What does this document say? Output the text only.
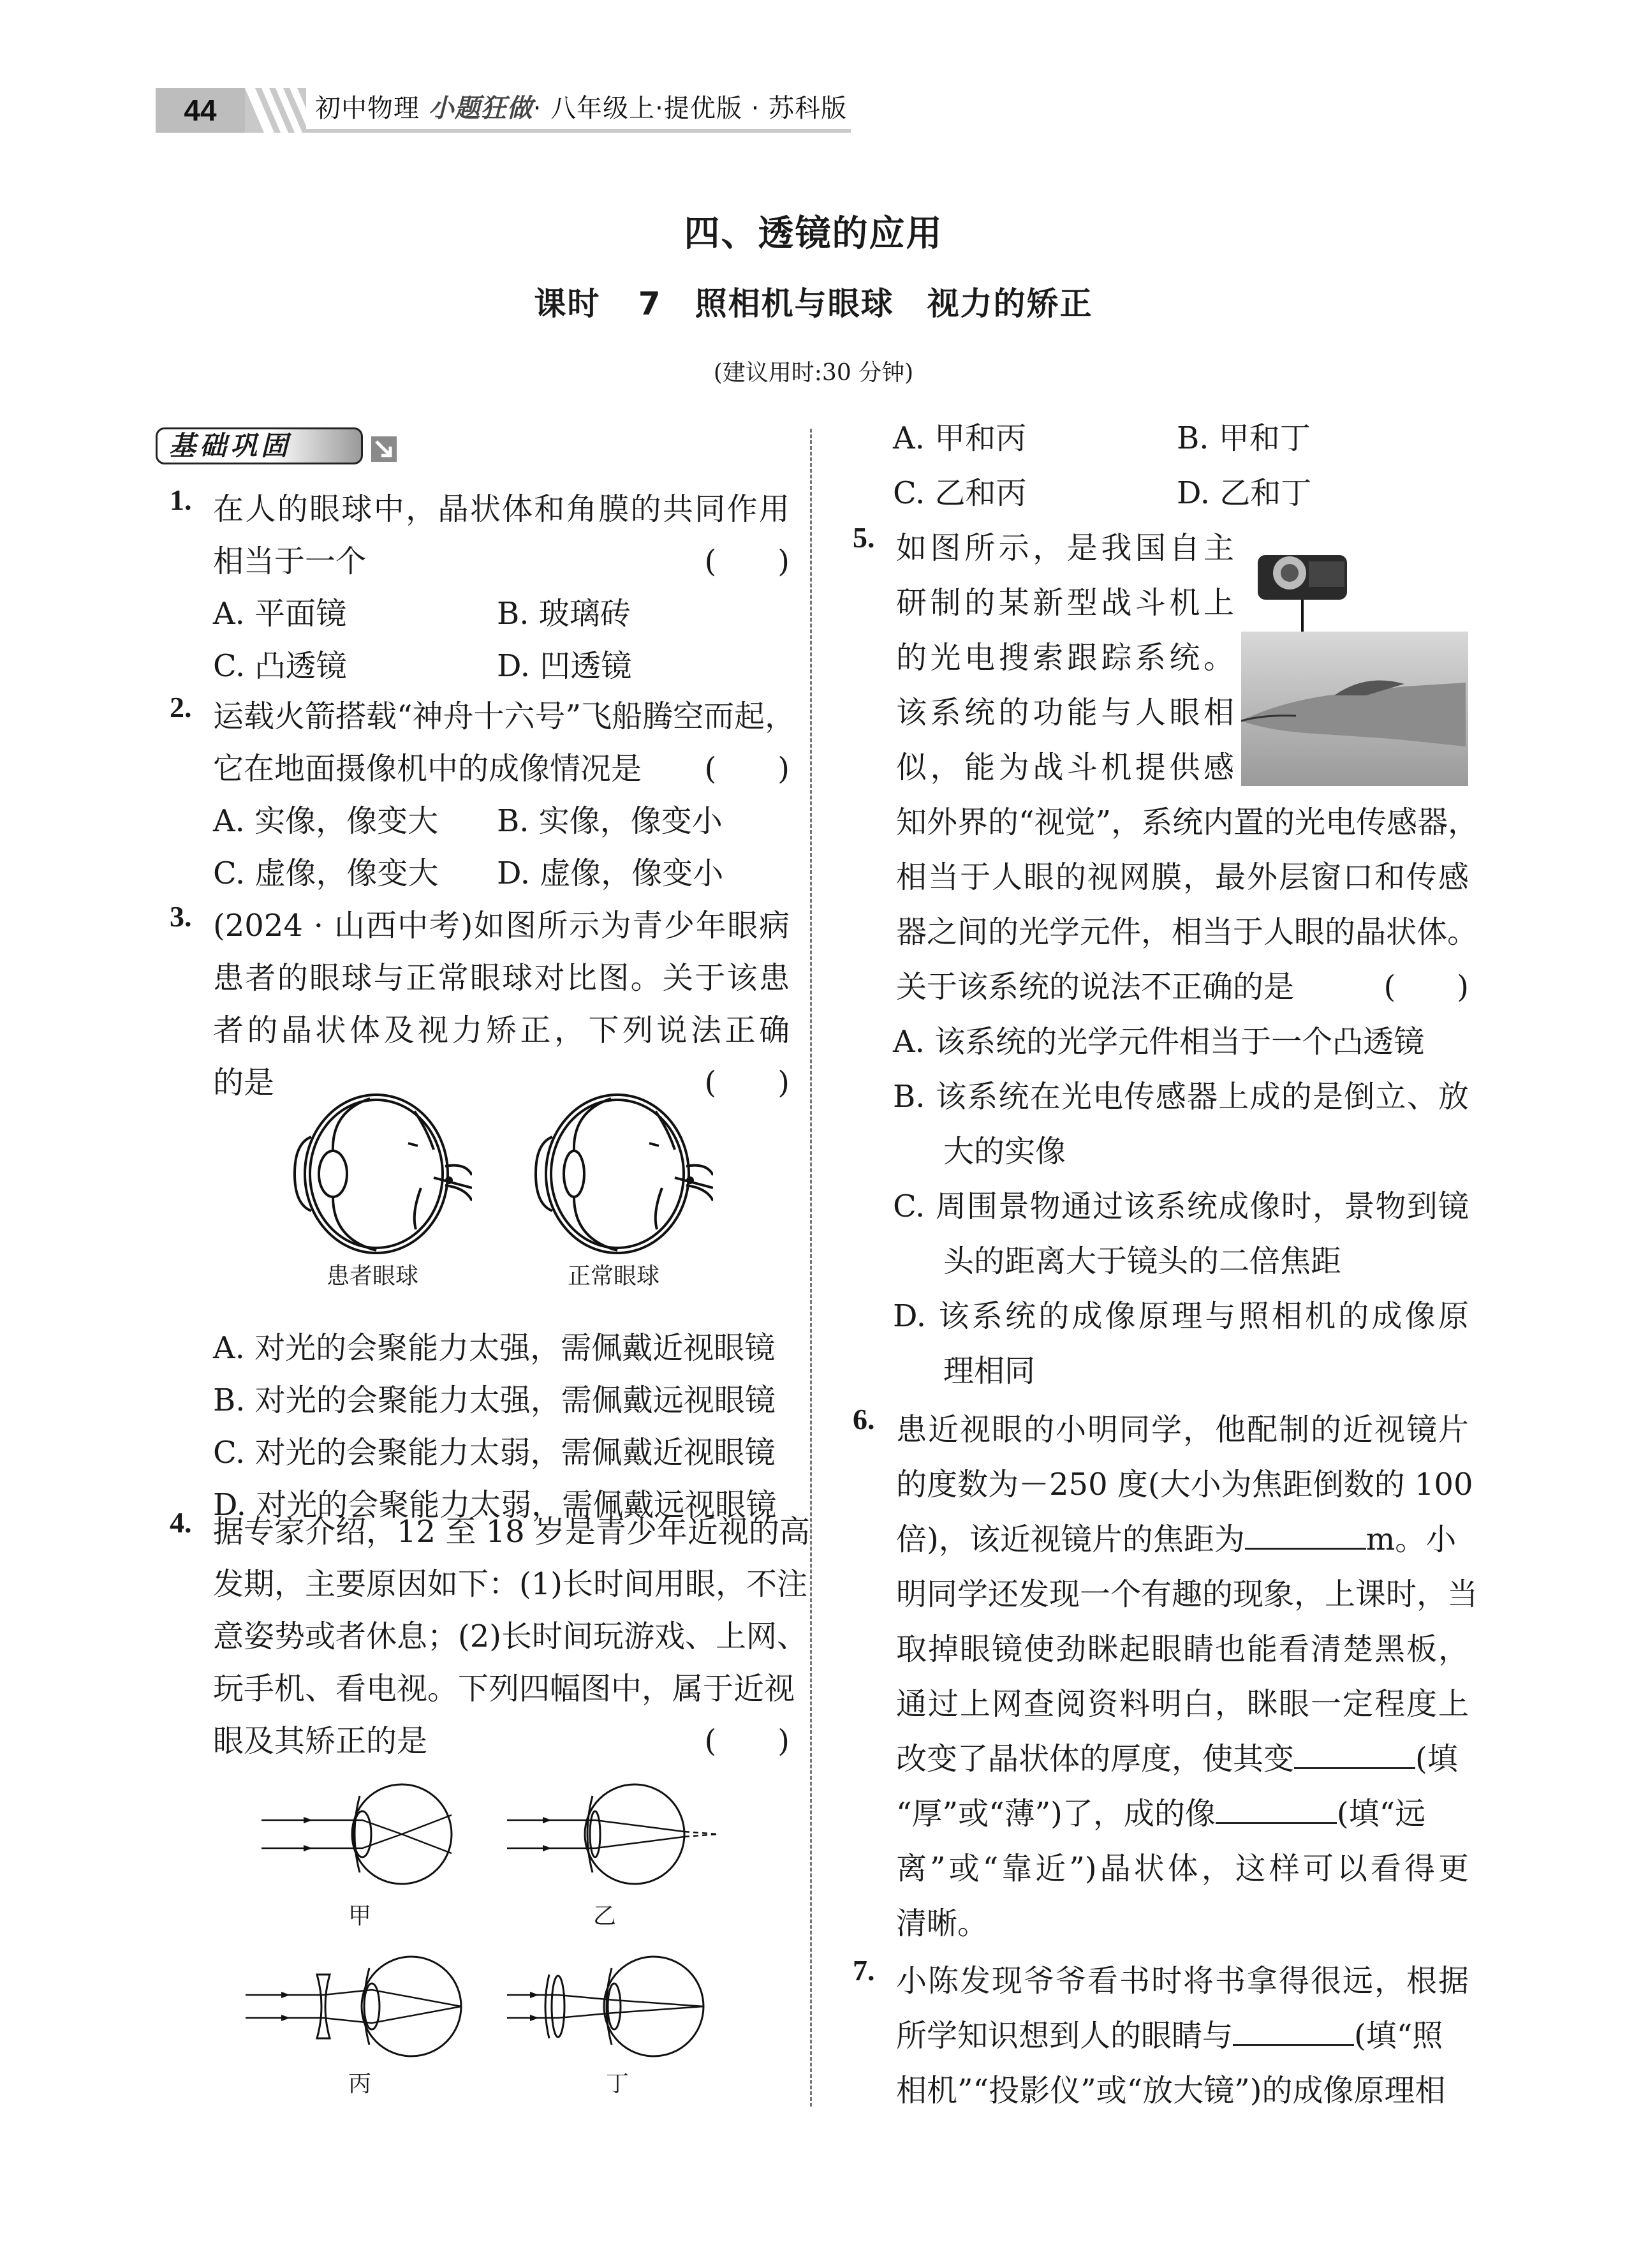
44	初中物理 小题狂做· 八年级上·提优版 · 苏科版
四、透镜的应用
课时 7　照相机与眼球　视力的矫正
(建议用时:30 分钟)
基础巩固
1. 在人的眼球中，晶状体和角膜的共同作用
相当于一个	(　　)
A. 平面镜	B. 玻璃砖
C. 凸透镜	D. 凹透镜
2. 运载火箭搭载“神舟十六号”飞船腾空而起，
它在地面摄像机中的成像情况是 (　　)
A. 实像，像变大 B. 实像，像变小
C. 虚像，像变大 D. 虚像，像变小
3. (2024 · 山西中考)如图所示为青少年眼病
患者的眼球与正常眼球对比图。关于该患
者的晶状体及视力矫正，下列说法正确
的是	(　　)
A. 对光的会聚能力太强，需佩戴近视眼镜
B. 对光的会聚能力太强，需佩戴远视眼镜
C. 对光的会聚能力太弱，需佩戴近视眼镜
D. 对光的会聚能力太弱，需佩戴远视眼镜
4. 据专家介绍，12 至 18 岁是青少年近视的高
发期，主要原因如下：(1)长时间用眼，不注
意姿势或者休息；(2)长时间玩游戏、上网、
玩手机、看电视。下列四幅图中，属于近视
眼及其矫正的是	(　　)
A. 甲和丙	B. 甲和丁
C. 乙和丙	D. 乙和丁
5. 如图所示，是我国自主
研制的某新型战斗机上
的光电搜索跟踪系统。
该系统的功能与人眼相
似，能为战斗机提供感
知外界的“视觉”，系统内置的光电传感器，
相当于人眼的视网膜，最外层窗口和传感
器之间的光学元件，相当于人眼的晶状体。
关于该系统的说法不正确的是	(　　)
A. 该系统的光学元件相当于一个凸透镜
B. 该系统在光电传感器上成的是倒立、放
大的实像
C. 周围景物通过该系统成像时，景物到镜
头的距离大于镜头的二倍焦距
D. 该系统的成像原理与照相机的成像原
理相同
6. 患近视眼的小明同学，他配制的近视镜片
的度数为－250 度(大小为焦距倒数的 100
倍)，该近视镜片的焦距为	m。小
明同学还发现一个有趣的现象，上课时，当
取掉眼镜使劲眯起眼睛也能看清楚黑板，
通过上网查阅资料明白，眯眼一定程度上
改变了晶状体的厚度，使其变	(填
“厚”或“薄”)了，成的像	(填“远
离”或“靠近”)晶状体，这样可以看得更
清晰。
7. 小陈发现爷爷看书时将书拿得很远，根据
所学知识想到人的眼睛与	(填“照
相机”“投影仪”或“放大镜”)的成像原理相
患者眼球	正常眼球
甲	乙
丙	丁
